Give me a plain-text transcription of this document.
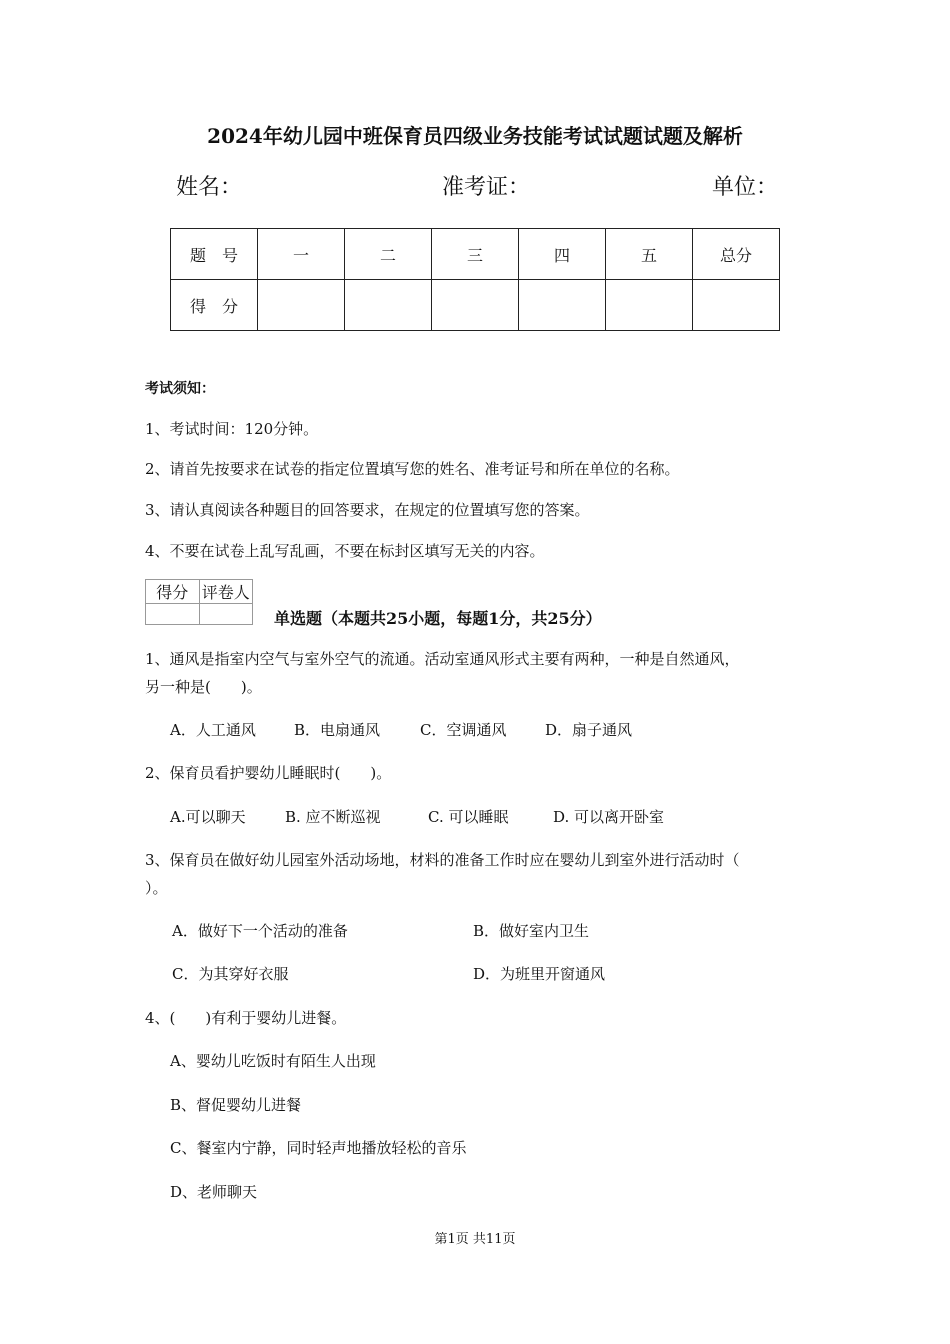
2024年幼儿园中班保育员四级业务技能考试试题试题及解析
姓名：	准考证：	单位：
题　号	一	二	三	四	五	总分
得　分						
考试须知：
1、考试时间：120分钟。
2、请首先按要求在试卷的指定位置填写您的姓名、准考证号和所在单位的名称。
3、请认真阅读各种题目的回答要求，在规定的位置填写您的答案。
4、不要在试卷上乱写乱画，不要在标封区填写无关的内容。
得分	评卷人

单选题（本题共25小题，每题1分，共25分）
1、通风是指室内空气与室外空气的流通。活动室通风形式主要有两种，一种是自然通风，
另一种是(　　)。
A．人工通风	B．电扇通风	C．空调通风	D．扇子通风
2、保育员看护婴幼儿睡眠时(　　)。
A.可以聊天	B. 应不断巡视	C. 可以睡眠	D. 可以离开卧室
3、保育员在做好幼儿园室外活动场地，材料的准备工作时应在婴幼儿到室外进行活动时（
）。
A．做好下一个活动的准备	B．做好室内卫生
C．为其穿好衣服	D．为班里开窗通风
4、(　　)有利于婴幼儿进餐。
A、婴幼儿吃饭时有陌生人出现
B、督促婴幼儿进餐
C、餐室内宁静，同时轻声地播放轻松的音乐
D、老师聊天
第1页 共11页
